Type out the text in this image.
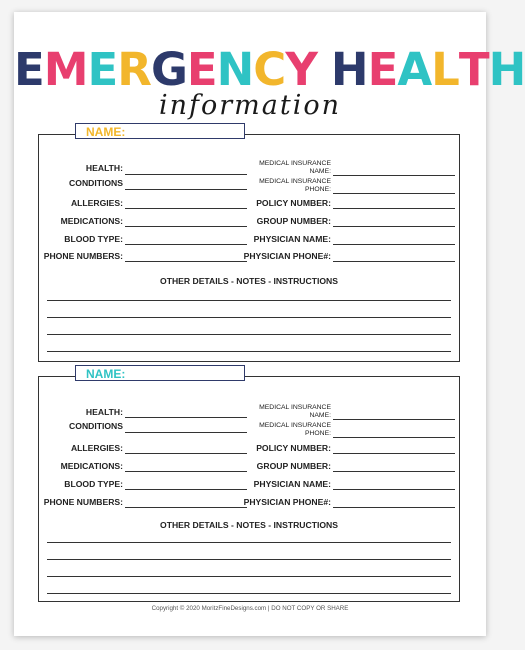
EMERGENCY HEALTH
information
NAME:
HEALTH:
CONDITIONS
ALLERGIES:
MEDICATIONS:
BLOOD TYPE:
PHONE NUMBERS:
MEDICAL INSURANCE
NAME:
MEDICAL INSURANCE
PHONE:
POLICY NUMBER:
GROUP NUMBER:
PHYSICIAN NAME:
PHYSICIAN PHONE#:
OTHER DETAILS - NOTES - INSTRUCTIONS
NAME:
HEALTH:
CONDITIONS
ALLERGIES:
MEDICATIONS:
BLOOD TYPE:
PHONE NUMBERS:
MEDICAL INSURANCE
NAME:
MEDICAL INSURANCE
PHONE:
POLICY NUMBER:
GROUP NUMBER:
PHYSICIAN NAME:
PHYSICIAN PHONE#:
OTHER DETAILS - NOTES - INSTRUCTIONS
Copyright © 2020 MoritzFineDesigns.com | DO NOT COPY OR SHARE
